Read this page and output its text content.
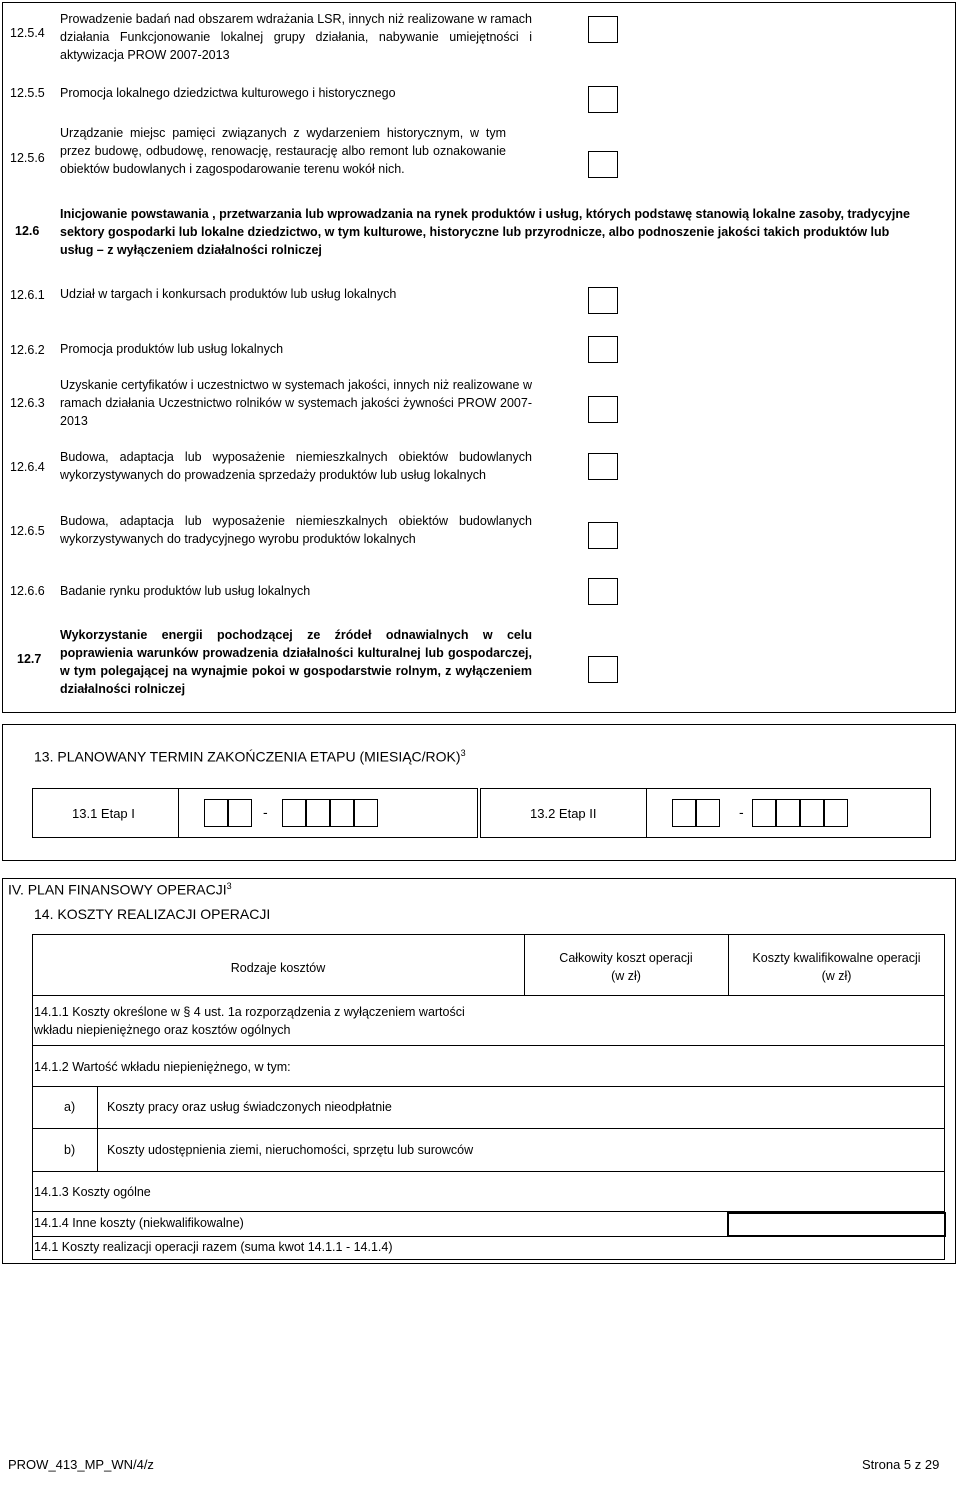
12.5.4
Prowadzenie badań nad obszarem wdrażania LSR, innych niż realizowane w ramach działania Funkcjonowanie lokalnej grupy działania, nabywanie umiejętności i aktywizacja PROW 2007-2013
12.5.5 Promocja lokalnego dziedzictwa kulturowego i historycznego
12.5.6
Urządzanie miejsc pamięci związanych z wydarzeniem historycznym, w tym przez budowę, odbudowę, renowację, restaurację albo remont lub oznakowanie obiektów budowlanych i zagospodarowanie terenu wokół nich.
12.6
Inicjowanie powstawania , przetwarzania lub wprowadzania na rynek produktów i usług, których podstawę stanowią lokalne zasoby, tradycyjne sektory gospodarki lub lokalne dziedzictwo, w tym kulturowe, historyczne lub przyrodnicze, albo podnoszenie jakości takich produktów lub usług – z wyłączeniem działalności rolniczej
12.6.1 Udział w targach i konkursach produktów lub usług lokalnych
12.6.2 Promocja produktów lub usług lokalnych
12.6.3
Uzyskanie certyfikatów i uczestnictwo w systemach jakości, innych niż realizowane w ramach działania Uczestnictwo rolników w systemach jakości żywności PROW 2007-2013
12.6.4
Budowa, adaptacja lub wyposażenie niemieszkalnych obiektów budowlanych wykorzystywanych do prowadzenia sprzedaży produktów lub usług lokalnych
12.6.5
Budowa, adaptacja lub wyposażenie niemieszkalnych obiektów budowlanych wykorzystywanych do tradycyjnego wyrobu produktów lokalnych
12.6.6 Badanie rynku produktów lub usług lokalnych
12.7
Wykorzystanie energii pochodzącej ze źródeł odnawialnych w celu poprawienia warunków prowadzenia działalności kulturalnej lub gospodarczej, w tym polegającej na wynajmie pokoi w gospodarstwie rolnym, z wyłączeniem działalności rolniczej
13. PLANOWANY TERMIN ZAKOŃCZENIA ETAPU (MIESIĄC/ROK)$^3$
13.1 Etap I	-	13.2 Etap II	-
IV. PLAN FINANSOWY OPERACJI$^3$
14. KOSZTY REALIZACJI OPERACJI
Rodzaje kosztów
Całkowity koszt operacji
(w zł)
Koszty kwalifikowalne operacji
(w zł)
14.1.1 Koszty określone w § 4 ust. 1a rozporządzenia z wyłączeniem wartości wkładu niepieniężnego oraz kosztów ogólnych
14.1.2 Wartość wkładu niepieniężnego, w tym:
a)	Koszty pracy oraz usług świadczonych nieodpłatnie
b)	Koszty udostępnienia ziemi, nieruchomości, sprzętu lub surowców
14.1.3 Koszty ogólne
14.1.4 Inne koszty (niekwalifikowalne)
14.1 Koszty realizacji operacji razem (suma kwot 14.1.1 - 14.1.4)
PROW_413_MP_WN/4/z	Strona 5 z 29
